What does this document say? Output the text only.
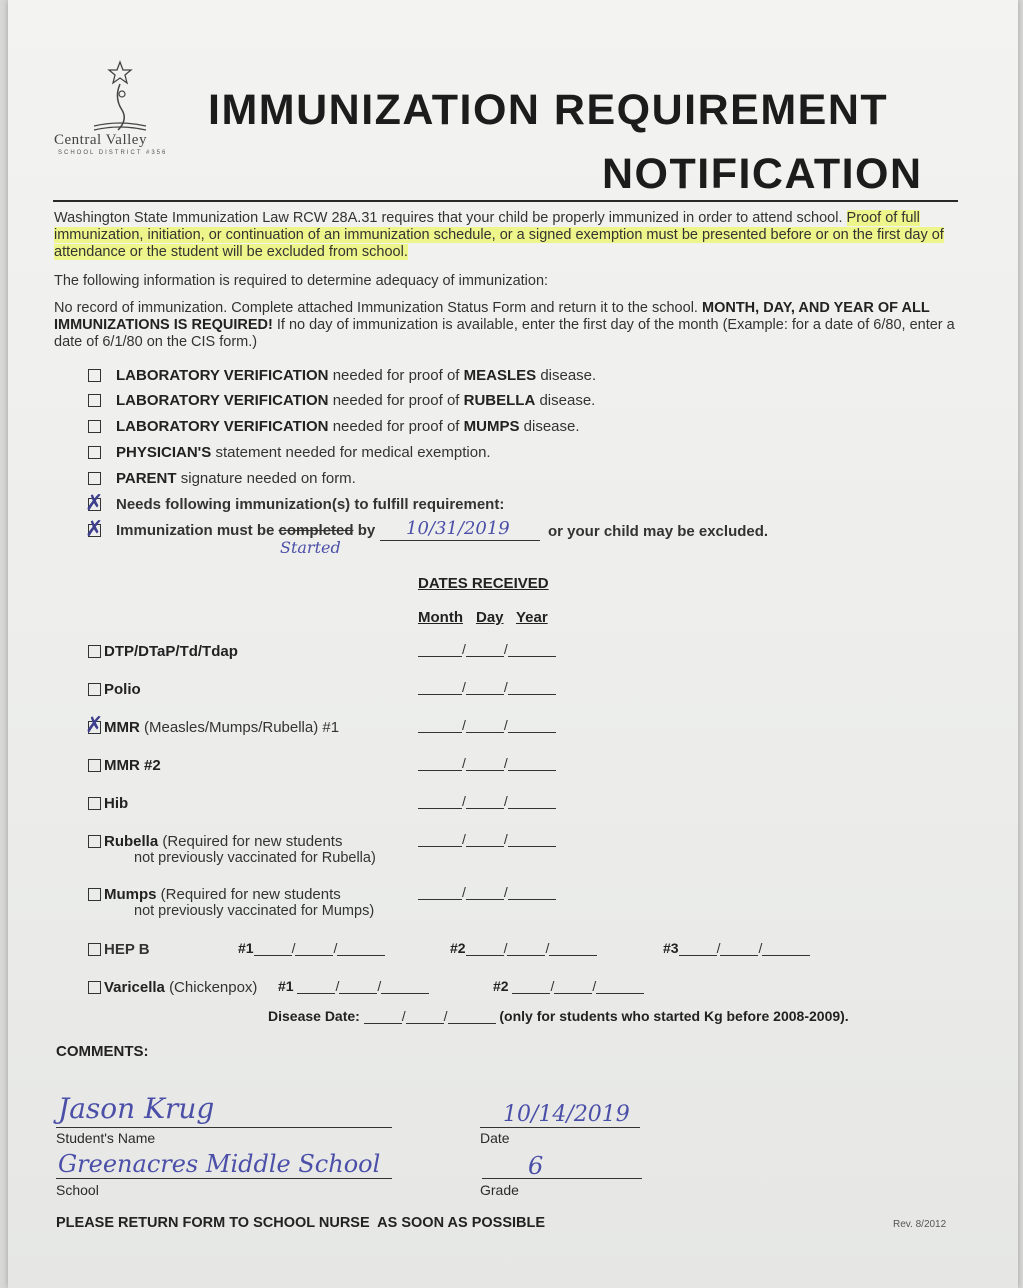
Central Valley
SCHOOL DISTRICT #356
IMMUNIZATION REQUIREMENT
NOTIFICATION
Washington State Immunization Law RCW 28A.31 requires that your child be properly immunized in order to attend school. Proof of full immunization, initiation, or continuation of an immunization schedule, or a signed exemption must be presented before or on the first day of attendance or the student will be excluded from school.
The following information is required to determine adequacy of immunization:
No record of immunization. Complete attached Immunization Status Form and return it to the school. MONTH, DAY, AND YEAR OF ALL IMMUNIZATIONS IS REQUIRED! If no day of immunization is available, enter the first day of the month (Example: for a date of 6/80, enter a date of 6/1/80 on the CIS form.)
LABORATORY VERIFICATION needed for proof of MEASLES disease.
LABORATORY VERIFICATION needed for proof of RUBELLA disease.
LABORATORY VERIFICATION needed for proof of MUMPS disease.
PHYSICIAN'S statement needed for medical exemption.
PARENT signature needed on form.
✗ Needs following immunization(s) to fulfill requirement:
✗ Immunization must be completed by 10/31/2019
Started
or your child may be excluded.
DATES RECEIVED
Month Day Year
DTP/DTaP/Td/Tdap	/	/
Polio	/	/
✗ MMR (Measles/Mumps/Rubella) #1	/	/
MMR #2	/	/
Hib	/	/
Rubella (Required for new students
not previously vaccinated for Rubella)
/	/
Mumps (Required for new students
not previously vaccinated for Mumps)
/	/
HEP B	#1	/	/	#2	/	/	#3	/	/
Varicella (Chickenpox) #1	/	/	#2	/	/
Disease Date:	/	/	(only for students who started Kg before 2008-2009).
COMMENTS:
Jason Krug
Student's Name
10/14/2019
Date
Greenacres Middle School
School
6
Grade
PLEASE RETURN FORM TO SCHOOL NURSE  AS SOON AS POSSIBLE	Rev. 8/2012
